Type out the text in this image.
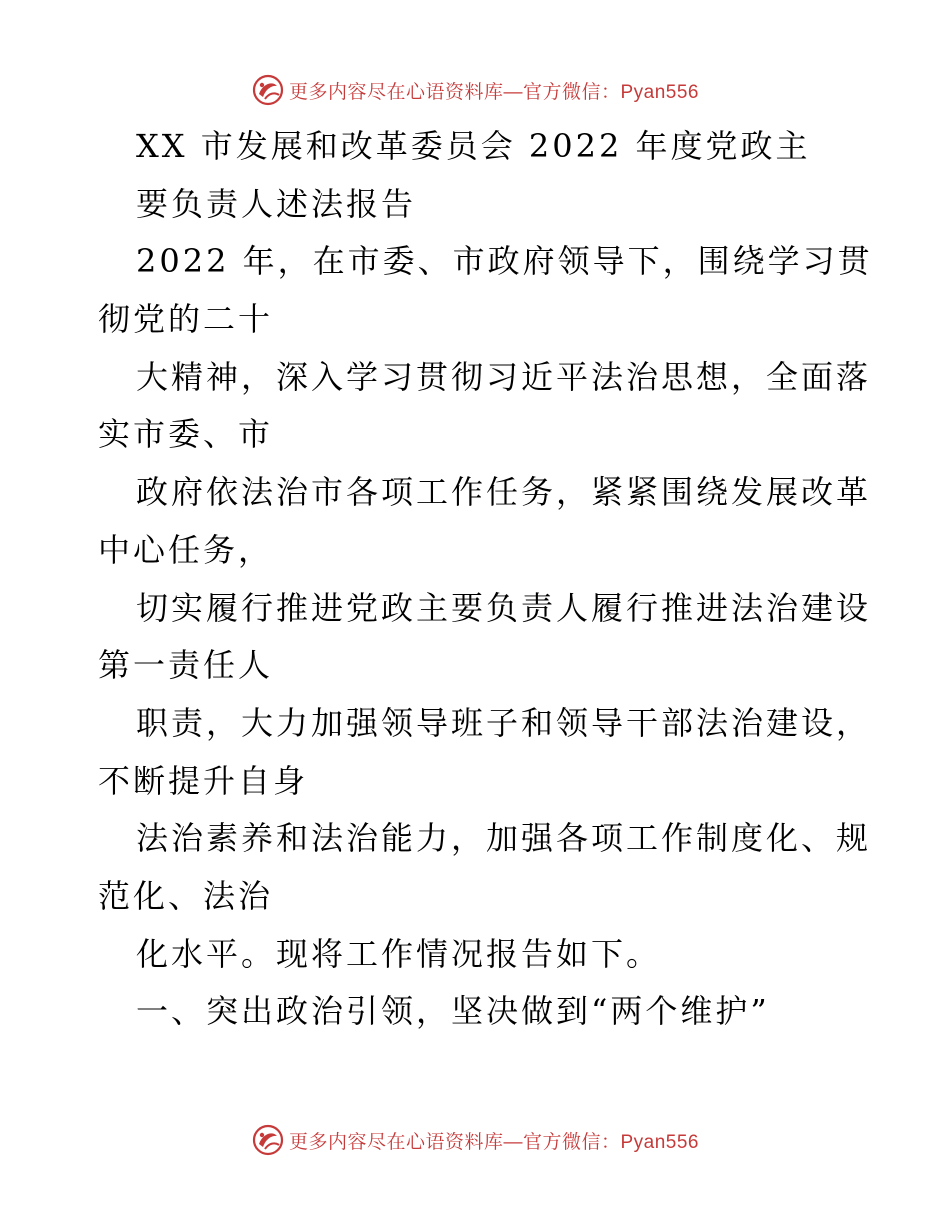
更多内容尽在心语资料库—官方微信：Pyan556
XX 市发展和改革委员会 2022 年度党政主
要负责人述法报告
2022 年，在市委、市政府领导下，围绕学习贯
彻党的二十
大精神，深入学习贯彻习近平法治思想，全面落
实市委、市
政府依法治市各项工作任务，紧紧围绕发展改革
中心任务，
切实履行推进党政主要负责人履行推进法治建设
第一责任人
职责，大力加强领导班子和领导干部法治建设，
不断提升自身
法治素养和法治能力，加强各项工作制度化、规
范化、法治
化水平。现将工作情况报告如下。
一、突出政治引领，坚决做到“两个维护”
更多内容尽在心语资料库—官方微信：Pyan556
